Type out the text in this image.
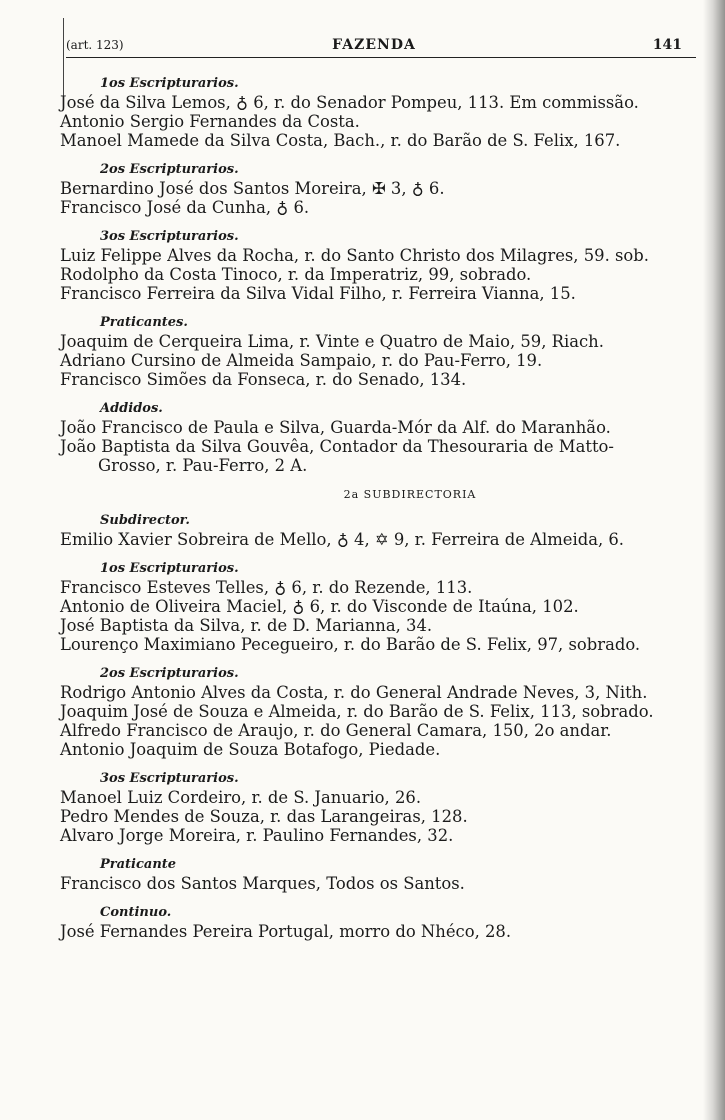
(art. 123)	FAZENDA	141
1os Escripturarios.
José da Silva Lemos, ♁ 6, r. do Senador Pompeu, 113. Em commissão.
Antonio Sergio Fernandes da Costa.
Manoel Mamede da Silva Costa, Bach., r. do Barão de S. Felix, 167.
2os Escripturarios.
Bernardino José dos Santos Moreira, ✠ 3, ♁ 6.
Francisco José da Cunha, ♁ 6.
3os Escripturarios.
Luiz Felippe Alves da Rocha, r. do Santo Christo dos Milagres, 59. sob.
Rodolpho da Costa Tinoco, r. da Imperatriz, 99, sobrado.
Francisco Ferreira da Silva Vidal Filho, r. Ferreira Vianna, 15.
Praticantes.
Joaquim de Cerqueira Lima, r. Vinte e Quatro de Maio, 59, Riach.
Adriano Cursino de Almeida Sampaio, r. do Pau-Ferro, 19.
Francisco Simões da Fonseca, r. do Senado, 134.
Addidos.
João Francisco de Paula e Silva, Guarda-Mór da Alf. do Maranhão.
João Baptista da Silva Gouvêa, Contador da Thesouraria de Matto-
Grosso, r. Pau-Ferro, 2 A.
2a SUBDIRECTORIA
Subdirector.
Emilio Xavier Sobreira de Mello, ♁ 4, ✡ 9, r. Ferreira de Almeida, 6.
1os Escripturarios.
Francisco Esteves Telles, ♁ 6, r. do Rezende, 113.
Antonio de Oliveira Maciel, ♁ 6, r. do Visconde de Itaúna, 102.
José Baptista da Silva, r. de D. Marianna, 34.
Lourenço Maximiano Pecegueiro, r. do Barão de S. Felix, 97, sobrado.
2os Escripturarios.
Rodrigo Antonio Alves da Costa, r. do General Andrade Neves, 3, Nith.
Joaquim José de Souza e Almeida, r. do Barão de S. Felix, 113, sobrado.
Alfredo Francisco de Araujo, r. do General Camara, 150, 2o andar.
Antonio Joaquim de Souza Botafogo, Piedade.
3os Escripturarios.
Manoel Luiz Cordeiro, r. de S. Januario, 26.
Pedro Mendes de Souza, r. das Larangeiras, 128.
Alvaro Jorge Moreira, r. Paulino Fernandes, 32.
Praticante
Francisco dos Santos Marques, Todos os Santos.
Continuo.
José Fernandes Pereira Portugal, morro do Nhéco, 28.
